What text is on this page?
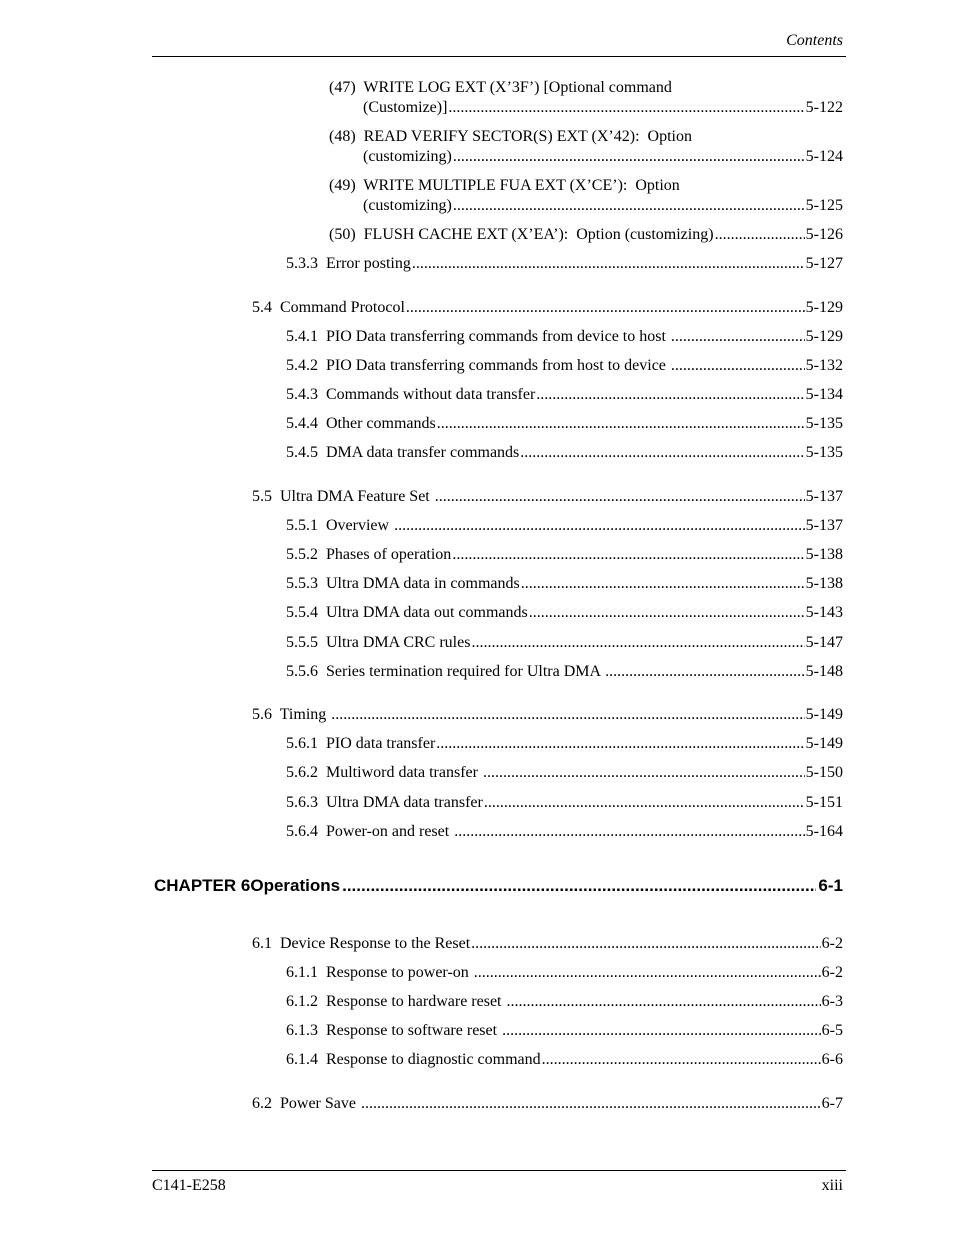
Contents
(47)  WRITE LOG EXT (X’3F’) [Optional command
(Customize)] .....	5-122
(48)  READ VERIFY SECTOR(S) EXT (X’42):  Option
(customizing) .....	5-124
(49)  WRITE MULTIPLE FUA EXT (X’CE’):  Option
(customizing) .....	5-125
(50)  FLUSH CACHE EXT (X’EA’):  Option (customizing) .....	5-126
5.3.3  Error posting .....	5-127
5.4  Command Protocol .....	5-129
5.4.1  PIO Data transferring commands from device to host .....	5-129
5.4.2  PIO Data transferring commands from host to device .....	5-132
5.4.3  Commands without data transfer .....	5-134
5.4.4  Other commands .....	5-135
5.4.5  DMA data transfer commands .....	5-135
5.5  Ultra DMA Feature Set .....	5-137
5.5.1  Overview .....	5-137
5.5.2  Phases of operation .....	5-138
5.5.3  Ultra DMA data in commands .....	5-138
5.5.4  Ultra DMA data out commands .....	5-143
5.5.5  Ultra DMA CRC rules .....	5-147
5.5.6  Series termination required for Ultra DMA .....	5-148
5.6  Timing .....	5-149
5.6.1  PIO data transfer .....	5-149
5.6.2  Multiword data transfer .....	5-150
5.6.3  Ultra DMA data transfer .....	5-151
5.6.4  Power-on and reset .....	5-164
CHAPTER 6 Operations .....	6-1
6.1  Device Response to the Reset .....	6-2
6.1.1  Response to power-on .....	6-2
6.1.2  Response to hardware reset .....	6-3
6.1.3  Response to software reset .....	6-5
6.1.4  Response to diagnostic command .....	6-6
6.2  Power Save .....	6-7
C141-E258	xiii
